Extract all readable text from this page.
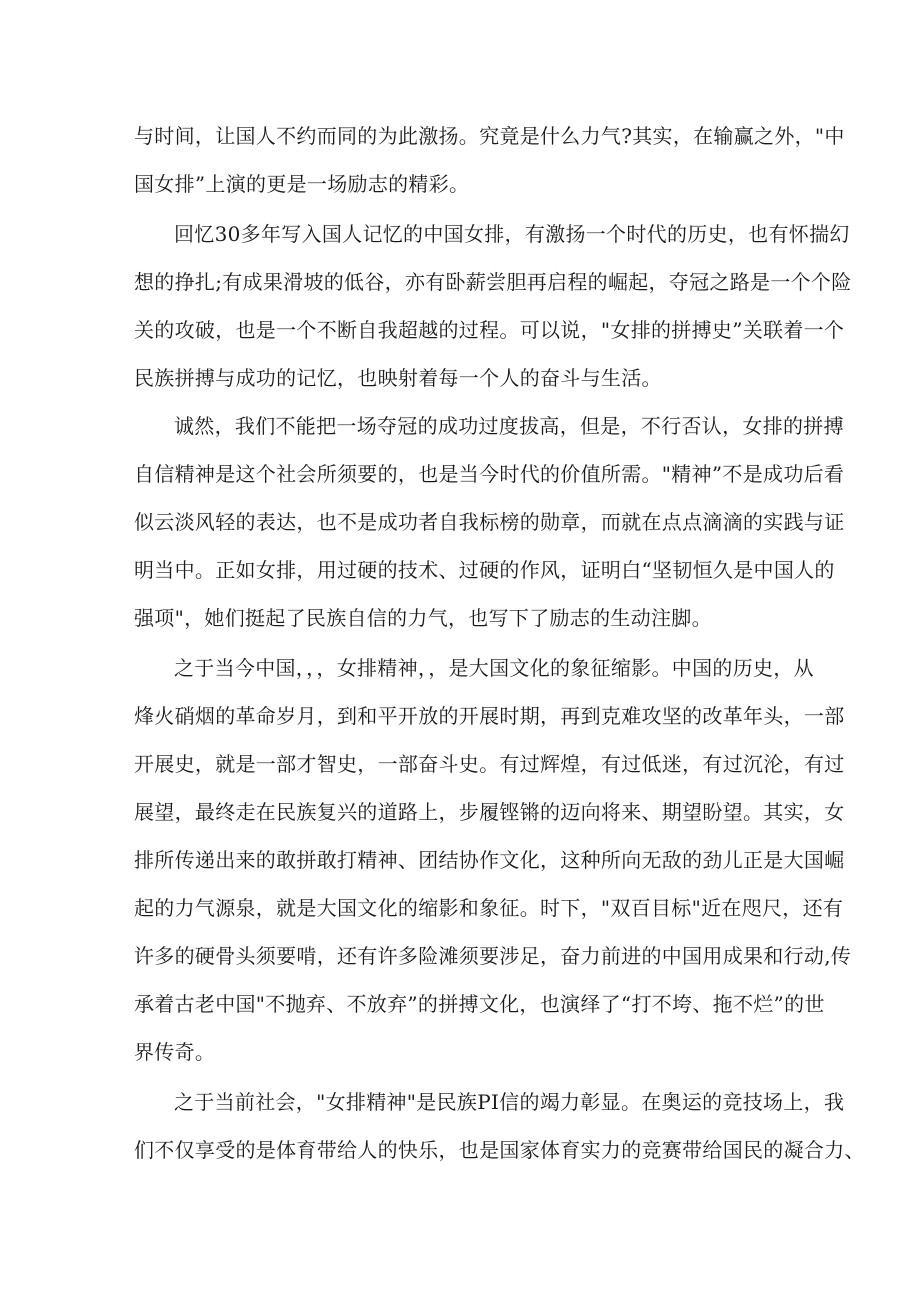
与时间，让国人不约而同的为此激扬。究竟是什么力气?其实，在输赢之外，"中
国女排”上演的更是一场励志的精彩。
回忆30多年写入国人记忆的中国女排，有激扬一个时代的历史，也有怀揣幻
想的挣扎;有成果滑坡的低谷，亦有卧薪尝胆再启程的崛起，夺冠之路是一个个险
关的攻破，也是一个不断自我超越的过程。可以说，"女排的拼搏史”关联着一个
民族拼搏与成功的记忆，也映射着每一个人的奋斗与生活。
诚然，我们不能把一场夺冠的成功过度拔高，但是，不行否认，女排的拼搏
自信精神是这个社会所须要的，也是当今时代的价值所需。"精神”不是成功后看
似云淡风轻的表达，也不是成功者自我标榜的勋章，而就在点点滴滴的实践与证
明当中。正如女排，用过硬的技术、过硬的作风，证明白“坚韧恒久是中国人的
强项"，她们挺起了民族自信的力气，也写下了励志的生动注脚。
之于当今中国，，，女排精神，，是大国文化的象征缩影。中国的历史，从
烽火硝烟的革命岁月，到和平开放的开展时期，再到克难攻坚的改革年头，一部
开展史，就是一部才智史，一部奋斗史。有过辉煌，有过低迷，有过沉沦，有过
展望，最终走在民族复兴的道路上，步履铿锵的迈向将来、期望盼望。其实，女
排所传递出来的敢拼敢打精神、团结协作文化，这种所向无敌的劲儿正是大国崛
起的力气源泉，就是大国文化的缩影和象征。时下，"双百目标"近在咫尺，还有
许多的硬骨头须要啃，还有许多险滩须要涉足，奋力前进的中国用成果和行动,传
承着古老中国"不抛弃、不放弃”的拼搏文化，也演绎了“打不垮、拖不烂”的世
界传奇。
之于当前社会，"女排精神"是民族PI信的竭力彰显。在奥运的竞技场上，我
们不仅享受的是体育带给人的快乐，也是国家体育实力的竞赛带给国民的凝合力、
